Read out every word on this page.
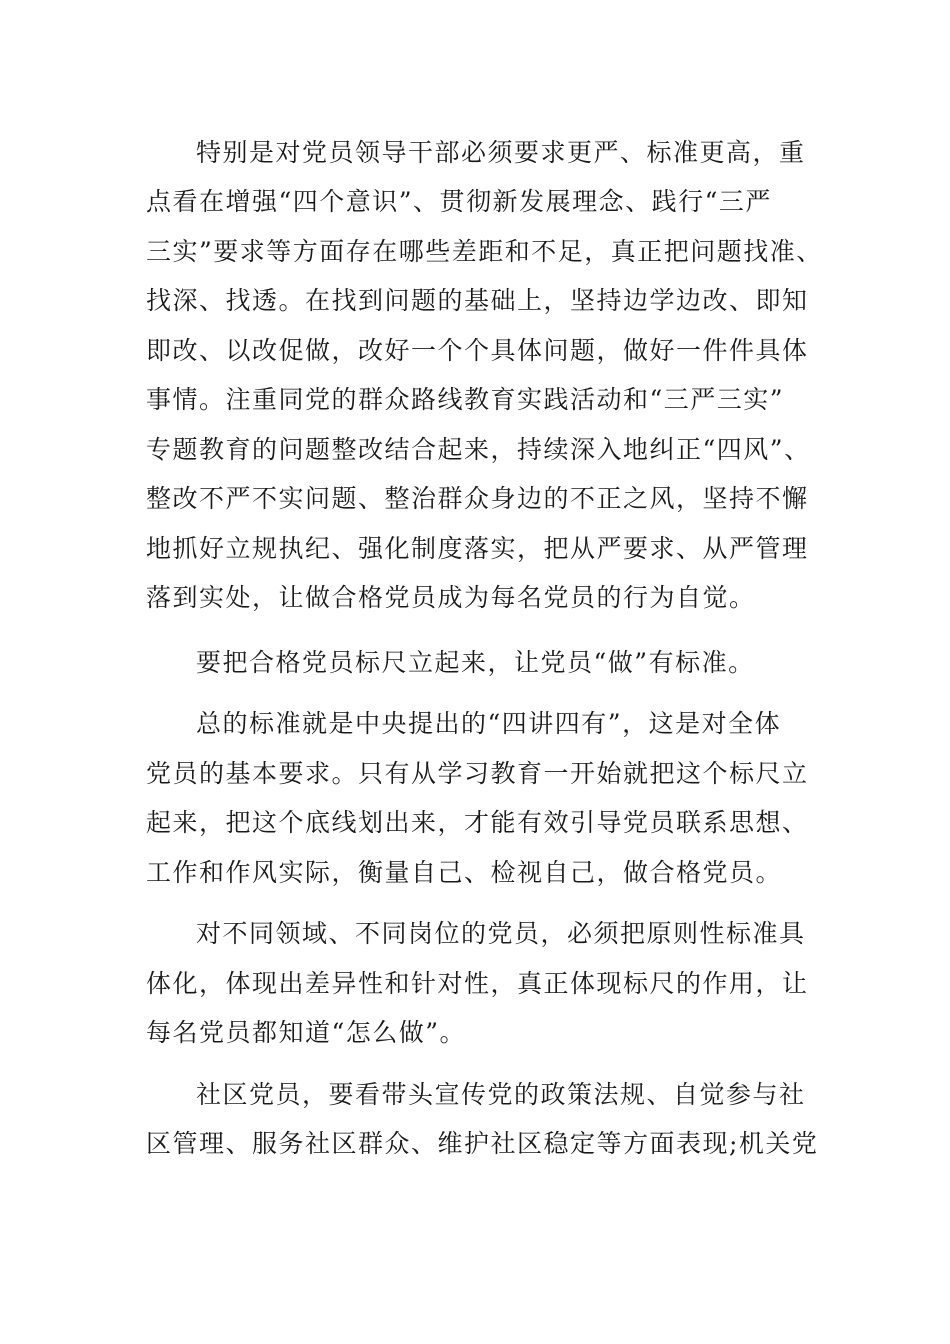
特别是对党员领导干部必须要求更严、标准更高，重
点看在增强“四个意识”、贯彻新发展理念、践行“三严
三实”要求等方面存在哪些差距和不足，真正把问题找准、
找深、找透。在找到问题的基础上，坚持边学边改、即知
即改、以改促做，改好一个个具体问题，做好一件件具体
事情。注重同党的群众路线教育实践活动和“三严三实”
专题教育的问题整改结合起来，持续深入地纠正“四风”、
整改不严不实问题、整治群众身边的不正之风，坚持不懈
地抓好立规执纪、强化制度落实，把从严要求、从严管理
落到实处，让做合格党员成为每名党员的行为自觉。
要把合格党员标尺立起来，让党员“做”有标准。
总的标准就是中央提出的“四讲四有”，这是对全体
党员的基本要求。只有从学习教育一开始就把这个标尺立
起来，把这个底线划出来，才能有效引导党员联系思想、
工作和作风实际，衡量自己、检视自己，做合格党员。
对不同领域、不同岗位的党员，必须把原则性标准具
体化，体现出差异性和针对性，真正体现标尺的作用，让
每名党员都知道“怎么做”。
社区党员，要看带头宣传党的政策法规、自觉参与社
区管理、服务社区群众、维护社区稳定等方面表现;机关党
